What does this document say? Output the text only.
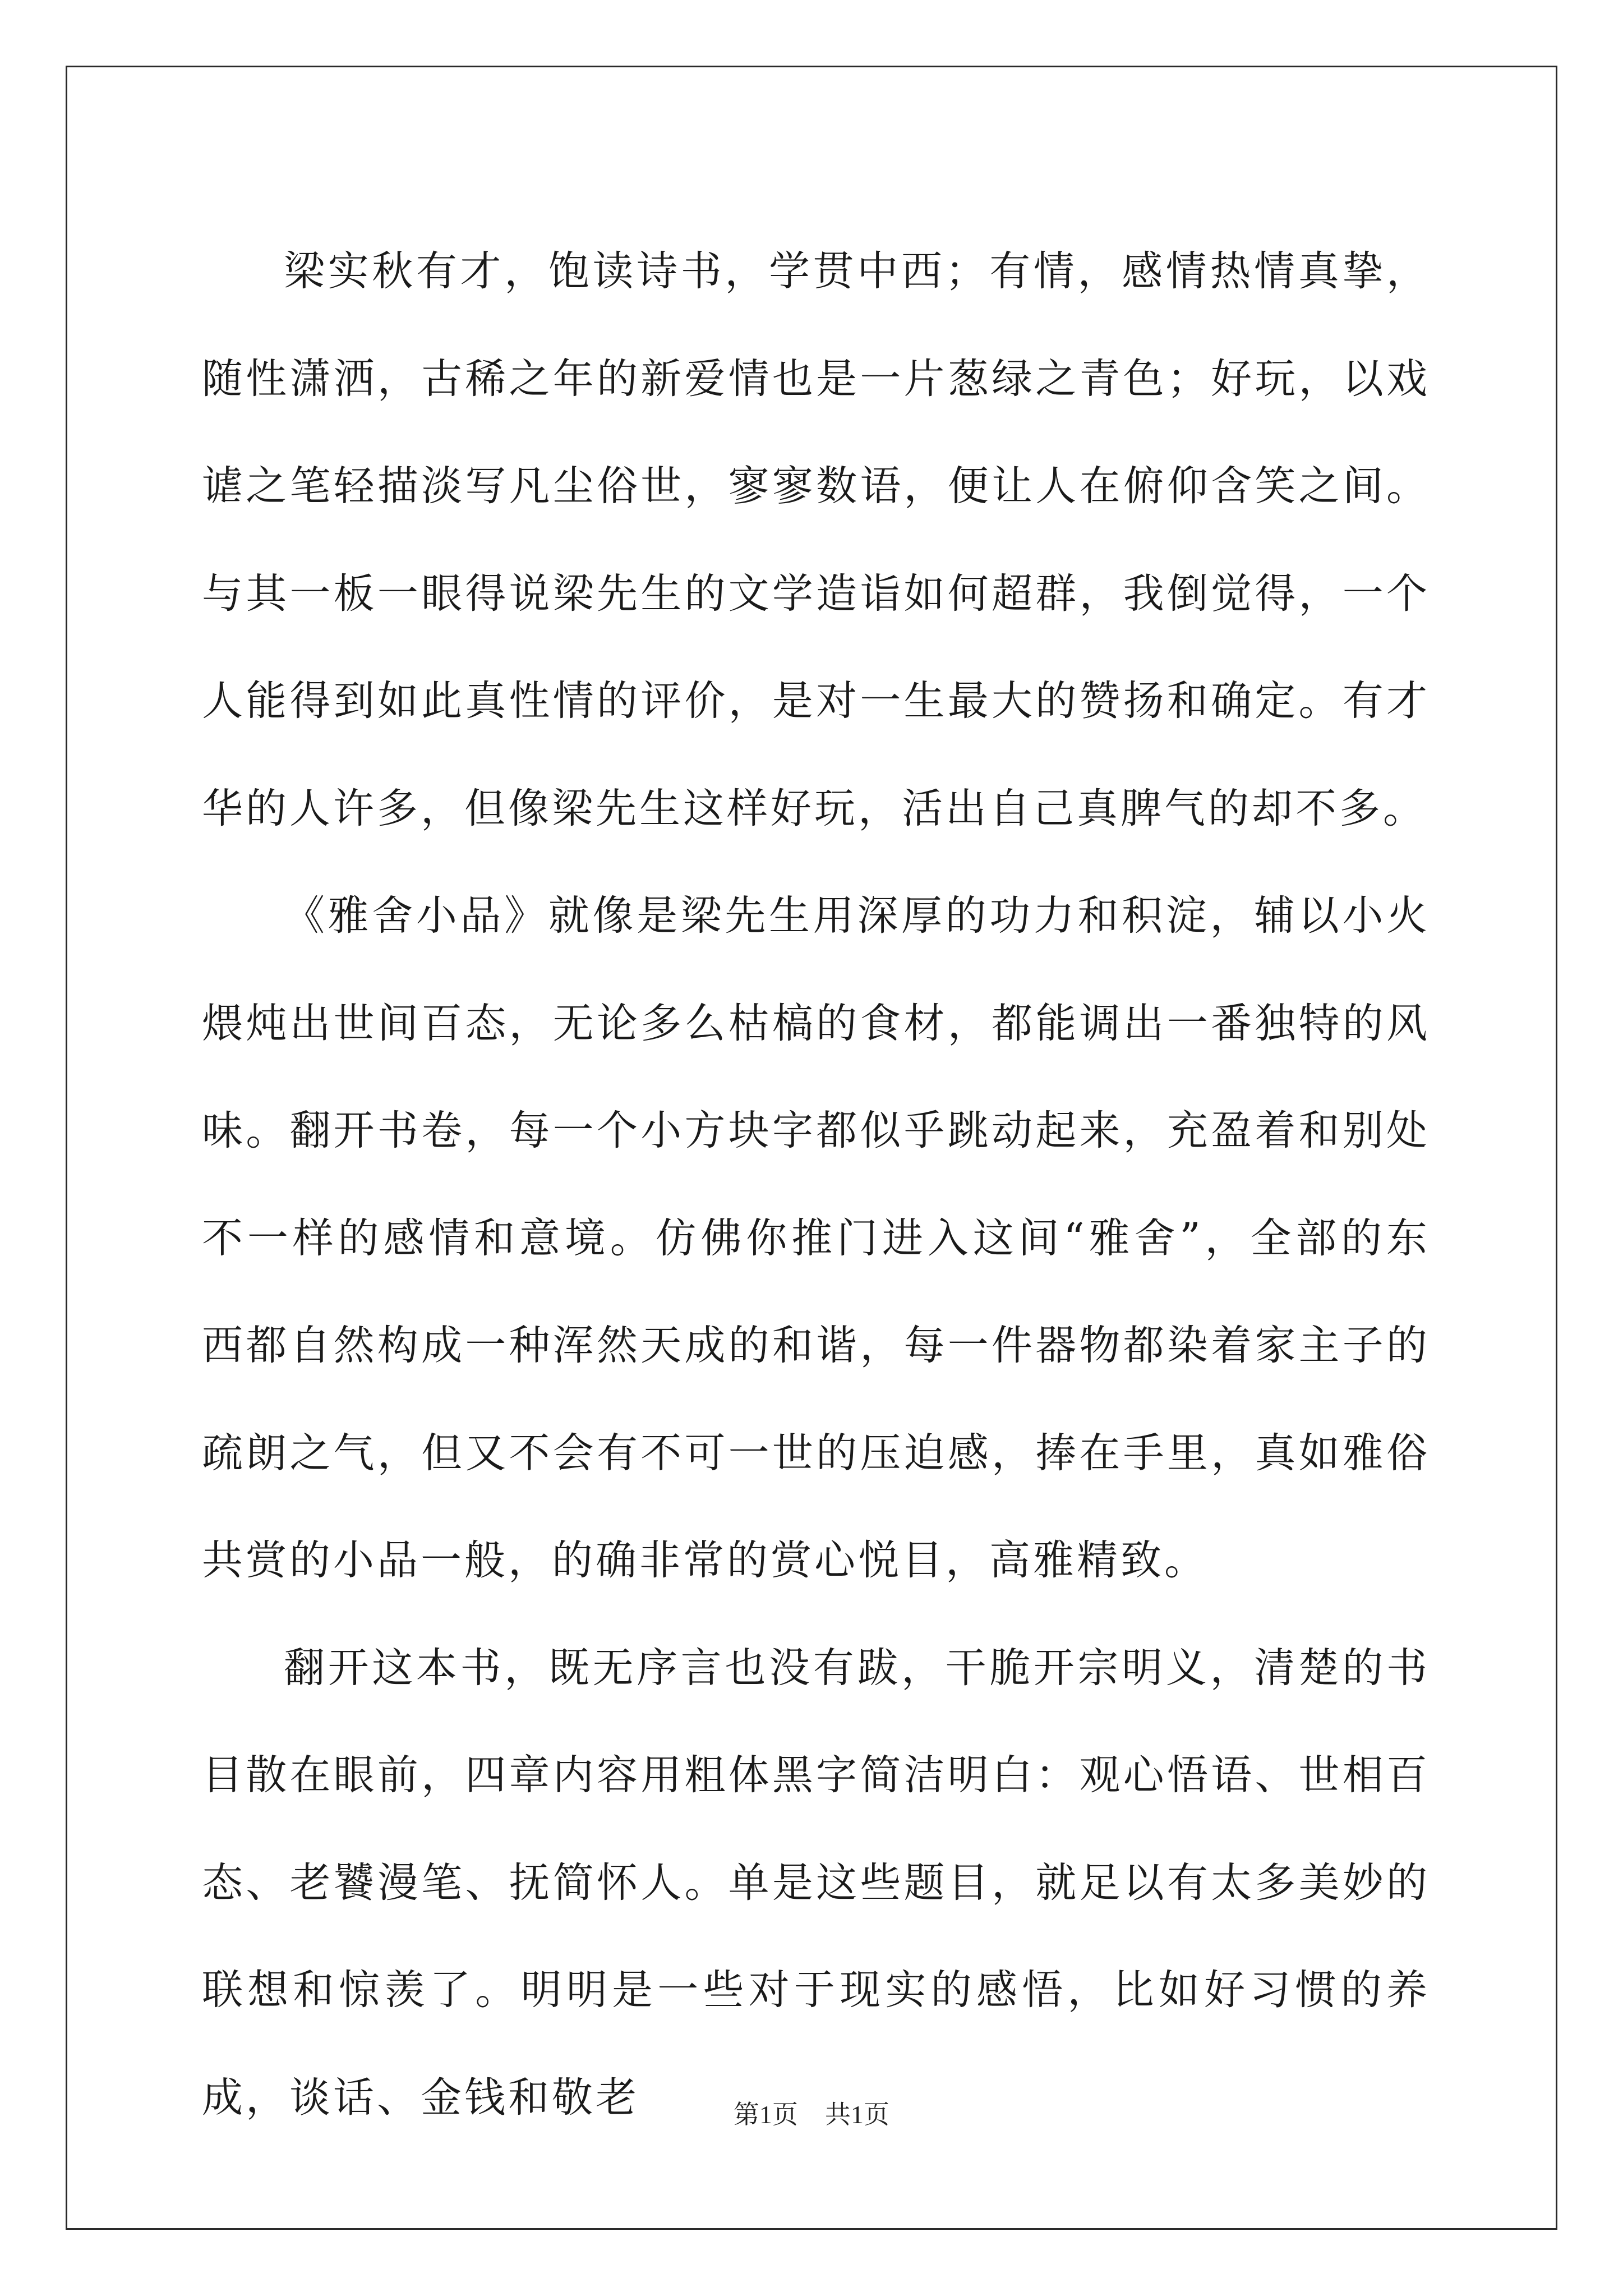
梁实秋有才，饱读诗书，学贯中西；有情，感情热情真挚，随性潇洒，古稀之年的新爱情也是一片葱绿之青色；好玩，以戏谑之笔轻描淡写凡尘俗世，寥寥数语，便让人在俯仰含笑之间。与其一板一眼得说梁先生的文学造诣如何超群，我倒觉得，一个人能得到如此真性情的评价，是对一生最大的赞扬和确定。有才华的人许多，但像梁先生这样好玩，活出自己真脾气的却不多。

《雅舍小品》就像是梁先生用深厚的功力和积淀，辅以小火煨炖出世间百态，无论多么枯槁的食材，都能调出一番独特的风味。翻开书卷，每一个小方块字都似乎跳动起来，充盈着和别处不一样的感情和意境。仿佛你推门进入这间“雅舍”，全部的东西都自然构成一种浑然天成的和谐，每一件器物都染着家主子的疏朗之气，但又不会有不可一世的压迫感，捧在手里，真如雅俗共赏的小品一般，的确非常的赏心悦目，高雅精致。

翻开这本书，既无序言也没有跋，干脆开宗明义，清楚的书目散在眼前，四章内容用粗体黑字简洁明白：观心悟语、世相百态、老饕漫笔、抚简怀人。单是这些题目，就足以有太多美妙的联想和惊羡了。明明是一些对于现实的感悟，比如好习惯的养成，谈话、金钱和敬老	第1页 共1页
